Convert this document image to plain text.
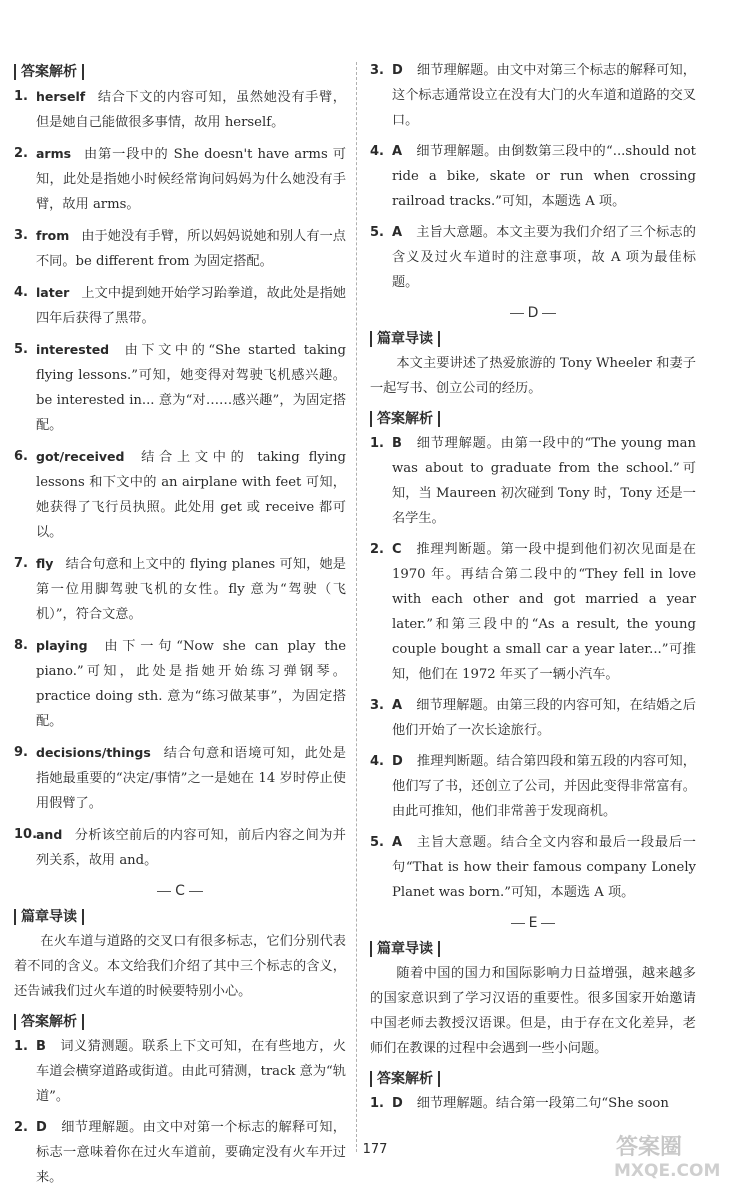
答案解析
1. herself 结合下文的内容可知，虽然她没有手臂，但是她自己能做很多事情，故用 herself。
2. arms 由第一段中的 She doesn't have arms 可知，此处是指她小时候经常询问妈妈为什么她没有手臂，故用 arms。
3. from 由于她没有手臂，所以妈妈说她和别人有一点不同。be different from 为固定搭配。
4. later 上文中提到她开始学习跆拳道，故此处是指她四年后获得了黑带。
5. interested 由下文中的“She started taking flying lessons.”可知，她变得对驾驶飞机感兴趣。be interested in... 意为“对……感兴趣”，为固定搭配。
6. got/received 结合上文中的 taking flying lessons 和下文中的 an airplane with feet 可知，她获得了飞行员执照。此处用 get 或 receive 都可以。
7. fly 结合句意和上文中的 flying planes 可知，她是第一位用脚驾驶飞机的女性。fly 意为“驾驶（飞机）”，符合文意。
8. playing 由下一句“Now she can play the piano.”可知，此处是指她开始练习弹钢琴。practice doing sth. 意为“练习做某事”，为固定搭配。
9. decisions/things 结合句意和语境可知，此处是指她最重要的“决定/事情”之一是她在 14 岁时停止使用假臂了。
10.
and 分析该空前后的内容可知，前后内容之间为并列关系，故用 and。
C
篇章导读

在火车道与道路的交叉口有很多标志，它们分别代表着不同的含义。本文给我们介绍了其中三个标志的含义，还告诫我们过火车道的时候要特别小心。

答案解析
1. B 词义猜测题。联系上下文可知，在有些地方，火车道会横穿道路或街道。由此可猜测，track 意为“轨道”。
2. D 细节理解题。由文中对第一个标志的解释可知，标志一意味着你在过火车道前，要确定没有火车开过来。
3. D 细节理解题。由文中对第三个标志的解释可知，这个标志通常设立在没有大门的火车道和道路的交叉口。
4. A 细节理解题。由倒数第三段中的“...should not ride a bike, skate or run when crossing railroad tracks.”可知，本题选 A 项。
5. A 主旨大意题。本文主要为我们介绍了三个标志的含义及过火车道时的注意事项，故 A 项为最佳标题。
D
篇章导读

本文主要讲述了热爱旅游的 Tony Wheeler 和妻子一起写书、创立公司的经历。

答案解析
1. B 细节理解题。由第一段中的“The young man was about to graduate from the school.”可知，当 Maureen 初次碰到 Tony 时，Tony 还是一名学生。
2. C 推理判断题。第一段中提到他们初次见面是在 1970 年。再结合第二段中的“They fell in love with each other and got married a year later.”和第三段中的“As a result, the young couple bought a small car a year later...”可推知，他们在 1972 年买了一辆小汽车。
3. A 细节理解题。由第三段的内容可知，在结婚之后他们开始了一次长途旅行。
4. D 推理判断题。结合第四段和第五段的内容可知，他们写了书，还创立了公司，并因此变得非常富有。由此可推知，他们非常善于发现商机。
5. A 主旨大意题。结合全文内容和最后一段最后一句“That is how their famous company Lonely Planet was born.”可知，本题选 A 项。
E
篇章导读

随着中国的国力和国际影响力日益增强，越来越多的国家意识到了学习汉语的重要性。很多国家开始邀请中国老师去教授汉语课。但是，由于存在文化差异，老师们在教课的过程中会遇到一些小问题。

答案解析
1. D 细节理解题。结合第一段第二句“She soon
177	答案圈
MXQE.COM
